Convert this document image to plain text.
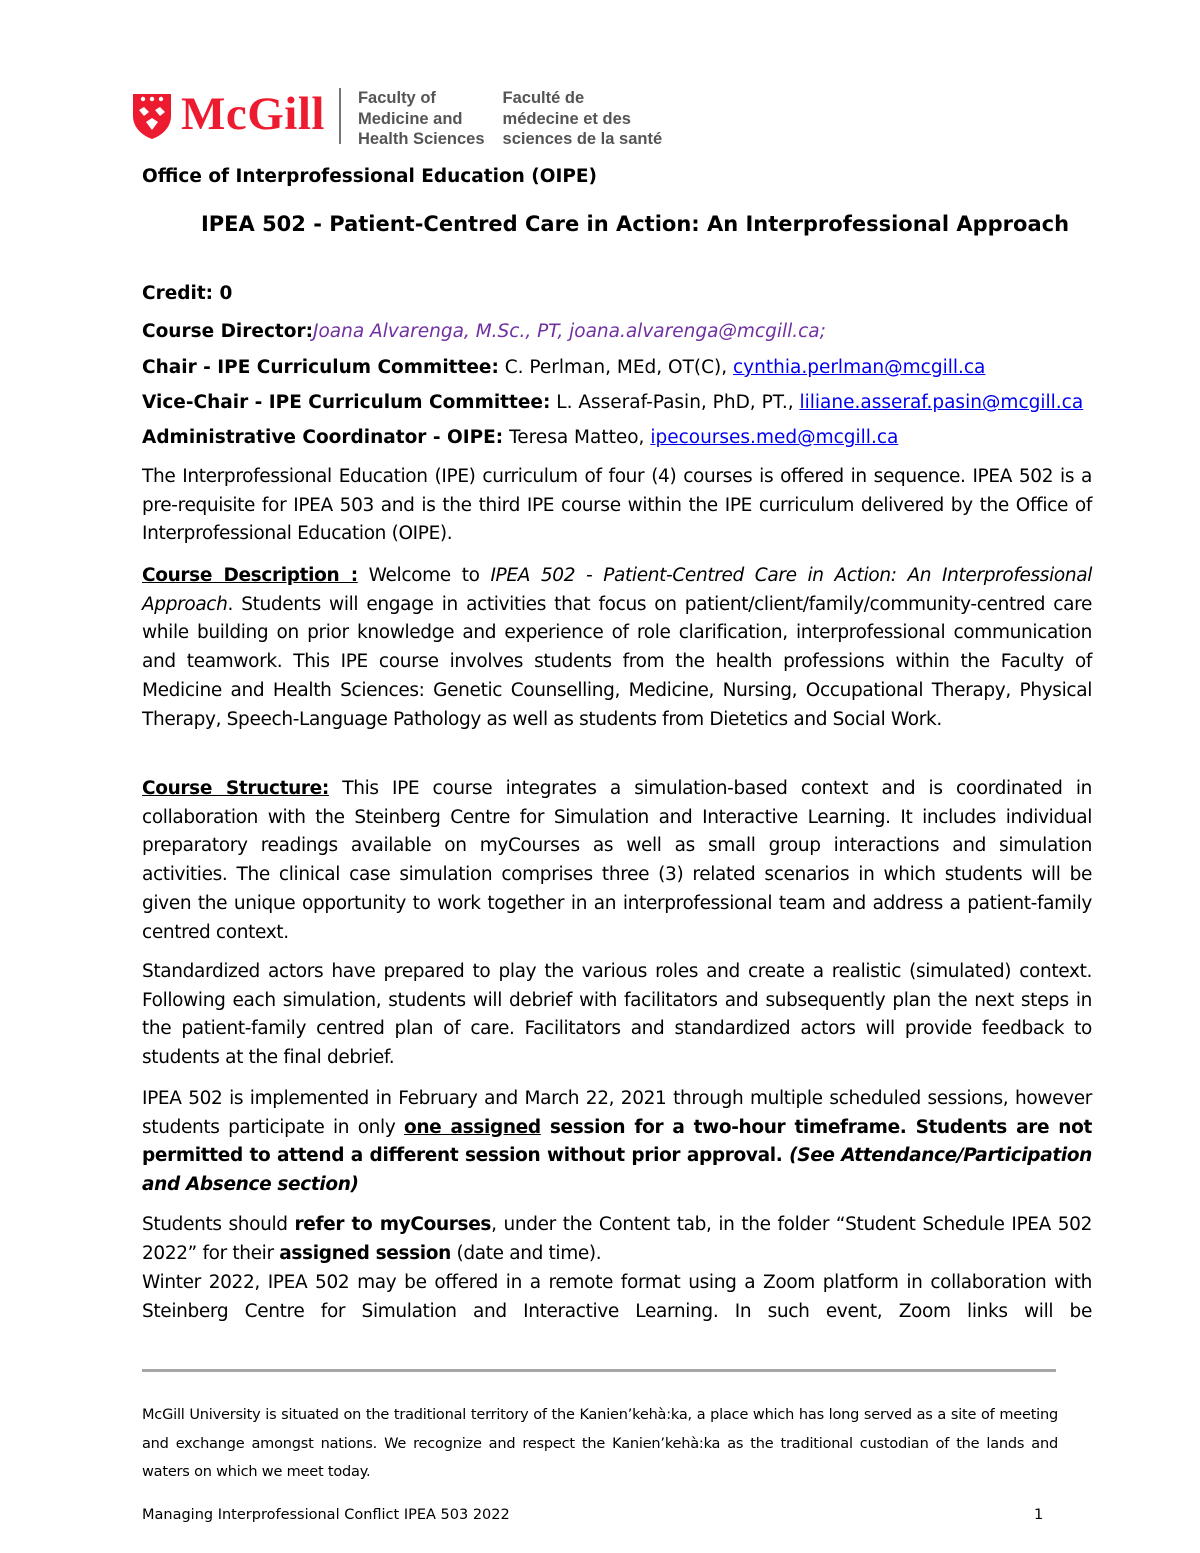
McGill Faculty of
Medicine and
Health Sciences
Faculté de
médecine et des
sciences de la santé
Office of Interprofessional Education (OIPE)
IPEA 502 - Patient-Centred Care in Action: An Interprofessional Approach
Credit: 0
Course Director:Joana Alvarenga, M.Sc., PT, joana.alvarenga@mcgill.ca;
Chair - IPE Curriculum Committee: C. Perlman, MEd, OT(C), cynthia.perlman@mcgill.ca
Vice-Chair - IPE Curriculum Committee: L. Asseraf-Pasin, PhD, PT., liliane.asseraf.pasin@mcgill.ca
Administrative Coordinator - OIPE: Teresa Matteo, ipecourses.med@mcgill.ca
The Interprofessional Education (IPE) curriculum of four (4) courses is offered in sequence. IPEA 502 is a pre-requisite for IPEA 503 and is the third IPE course within the IPE curriculum delivered by the Office of Interprofessional Education (OIPE).
Course Description : Welcome to IPEA 502 - Patient-Centred Care in Action: An Interprofessional Approach. Students will engage in activities that focus on patient/client/family/community-centred care while building on prior knowledge and experience of role clarification, interprofessional communication and teamwork. This IPE course involves students from the health professions within the Faculty of Medicine and Health Sciences: Genetic Counselling, Medicine, Nursing, Occupational Therapy, Physical Therapy, Speech-Language Pathology as well as students from Dietetics and Social Work.
Course Structure: This IPE course integrates a simulation-based context and is coordinated in collaboration with the Steinberg Centre for Simulation and Interactive Learning. It includes individual preparatory readings available on myCourses as well as small group interactions and simulation activities. The clinical case simulation comprises three (3) related scenarios in which students will be given the unique opportunity to work together in an interprofessional team and address a patient-family centred context.
Standardized actors have prepared to play the various roles and create a realistic (simulated) context. Following each simulation, students will debrief with facilitators and subsequently plan the next steps in the patient-family centred plan of care. Facilitators and standardized actors will provide feedback to students at the final debrief.
IPEA 502 is implemented in February and March 22, 2021 through multiple scheduled sessions, however students participate in only one assigned session for a two-hour timeframe. Students are not permitted to attend a different session without prior approval. (See Attendance/Participation and Absence section)
Students should refer to myCourses, under the Content tab, in the folder “Student Schedule IPEA 502 2022” for their assigned session (date and time).
Winter 2022, IPEA 502 may be offered in a remote format using a Zoom platform in collaboration with Steinberg Centre for Simulation and Interactive Learning. In such event, Zoom links will be
McGill University is situated on the traditional territory of the Kanien’kehà:ka, a place which has long served as a site of meeting and exchange amongst nations. We recognize and respect the Kanien’kehà:ka as the traditional custodian of the lands and waters on which we meet today.
Managing Interprofessional Conflict IPEA 503 2022	1
